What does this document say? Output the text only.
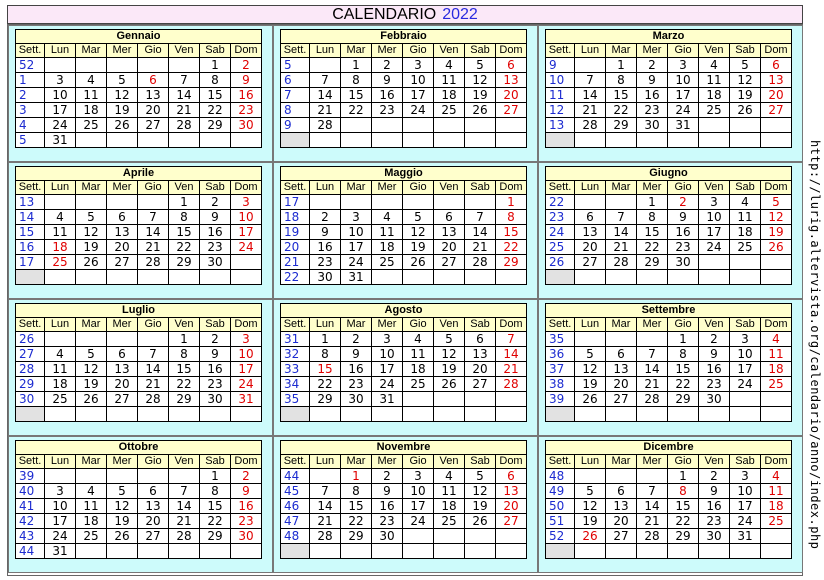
CALENDARIO 2022
Gennaio							
Sett.	Lun	Mar	Mer	Gio	Ven	Sab	Dom
52						1	2
1	3	4	5	6	7	8	9
2	10	11	12	13	14	15	16
3	17	18	19	20	21	22	23
4	24	25	26	27	28	29	30
5	31						
Febbraio							
Sett.	Lun	Mar	Mer	Gio	Ven	Sab	Dom
5		1	2	3	4	5	6
6	7	8	9	10	11	12	13
7	14	15	16	17	18	19	20
8	21	22	23	24	25	26	27
9	28						

Marzo							
Sett.	Lun	Mar	Mer	Gio	Ven	Sab	Dom
9		1	2	3	4	5	6
10	7	8	9	10	11	12	13
11	14	15	16	17	18	19	20
12	21	22	23	24	25	26	27
13	28	29	30	31			

Aprile							
Sett.	Lun	Mar	Mer	Gio	Ven	Sab	Dom
13					1	2	3
14	4	5	6	7	8	9	10
15	11	12	13	14	15	16	17
16	18	19	20	21	22	23	24
17	25	26	27	28	29	30	

Maggio							
Sett.	Lun	Mar	Mer	Gio	Ven	Sab	Dom
17							1
18	2	3	4	5	6	7	8
19	9	10	11	12	13	14	15
20	16	17	18	19	20	21	22
21	23	24	25	26	27	28	29
22	30	31					
Giugno							
Sett.	Lun	Mar	Mer	Gio	Ven	Sab	Dom
22			1	2	3	4	5
23	6	7	8	9	10	11	12
24	13	14	15	16	17	18	19
25	20	21	22	23	24	25	26
26	27	28	29	30			

Luglio							
Sett.	Lun	Mar	Mer	Gio	Ven	Sab	Dom
26					1	2	3
27	4	5	6	7	8	9	10
28	11	12	13	14	15	16	17
29	18	19	20	21	22	23	24
30	25	26	27	28	29	30	31

Agosto							
Sett.	Lun	Mar	Mer	Gio	Ven	Sab	Dom
31	1	2	3	4	5	6	7
32	8	9	10	11	12	13	14
33	15	16	17	18	19	20	21
34	22	23	24	25	26	27	28
35	29	30	31				

Settembre							
Sett.	Lun	Mar	Mer	Gio	Ven	Sab	Dom
35				1	2	3	4
36	5	6	7	8	9	10	11
37	12	13	14	15	16	17	18
38	19	20	21	22	23	24	25
39	26	27	28	29	30		

Ottobre							
Sett.	Lun	Mar	Mer	Gio	Ven	Sab	Dom
39						1	2
40	3	4	5	6	7	8	9
41	10	11	12	13	14	15	16
42	17	18	19	20	21	22	23
43	24	25	26	27	28	29	30
44	31						
Novembre							
Sett.	Lun	Mar	Mer	Gio	Ven	Sab	Dom
44		1	2	3	4	5	6
45	7	8	9	10	11	12	13
46	14	15	16	17	18	19	20
47	21	22	23	24	25	26	27
48	28	29	30				

Dicembre							
Sett.	Lun	Mar	Mer	Gio	Ven	Sab	Dom
48				1	2	3	4
49	5	6	7	8	9	10	11
50	12	13	14	15	16	17	18
51	19	20	21	22	23	24	25
52	26	27	28	29	30	31	
								http://lurig.altervista.org/calendario/anno/index.php
